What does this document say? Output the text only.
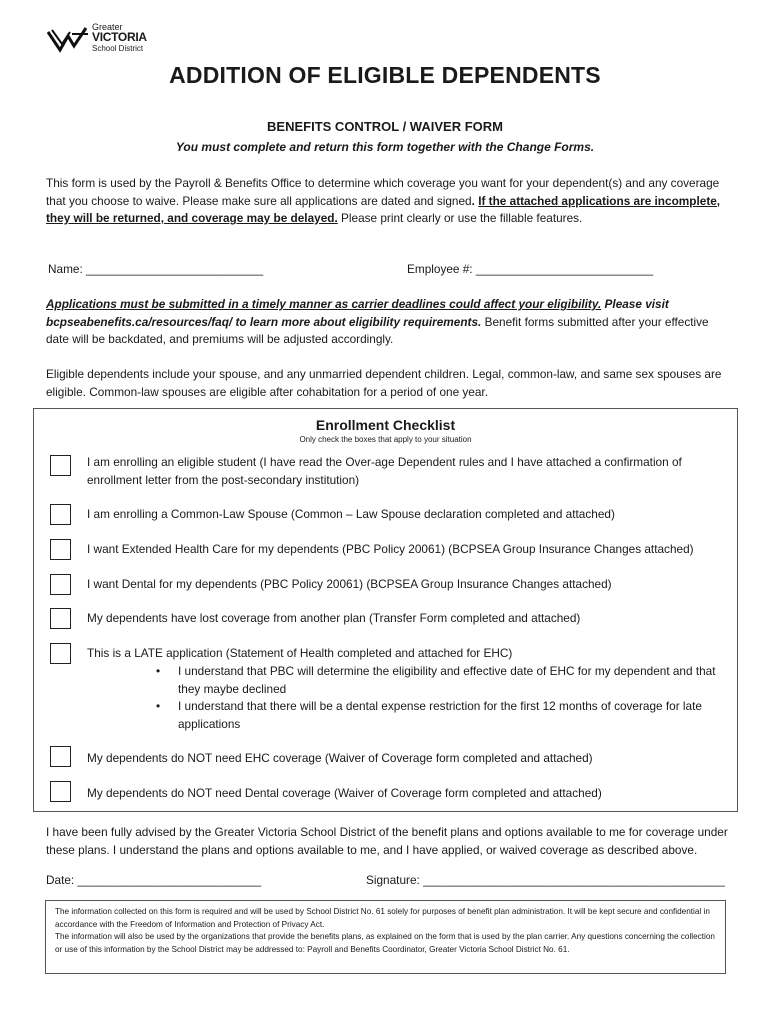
Greater
VICTORIA
School District
ADDITION OF ELIGIBLE DEPENDENTS
BENEFITS CONTROL / WAIVER FORM
You must complete and return this form together with the Change Forms.
This form is used by the Payroll & Benefits Office to determine which coverage you want for your dependent(s) and any coverage that you choose to waive. Please make sure all applications are dated and signed. If the attached applications are incomplete, they will be returned, and coverage may be delayed. Please print clearly or use the fillable features.
Name: ___________________________	Employee #: ___________________________
Applications must be submitted in a timely manner as carrier deadlines could affect your eligibility. Please visit bcpseabenefits.ca/resources/faq/ to learn more about eligibility requirements. Benefit forms submitted after your effective date will be backdated, and premiums will be adjusted accordingly.
Eligible dependents include your spouse, and any unmarried dependent children. Legal, common-law, and same sex spouses are eligible. Common-law spouses are eligible after cohabitation for a period of one year.
Enrollment Checklist
Only check the boxes that apply to your situation
I am enrolling an eligible student (I have read the Over-age Dependent rules and I have attached a confirmation of enrollment letter from the post-secondary institution)
I am enrolling a Common-Law Spouse (Common – Law Spouse declaration completed and attached)
I want Extended Health Care for my dependents (PBC Policy 20061) (BCPSEA Group Insurance Changes attached)
I want Dental for my dependents (PBC Policy 20061) (BCPSEA Group Insurance Changes attached)
My dependents have lost coverage from another plan (Transfer Form completed and attached)
This is a LATE application (Statement of Health completed and attached for EHC)
• I understand that PBC will determine the eligibility and effective date of EHC for my dependent and that they maybe declined
• I understand that there will be a dental expense restriction for the first 12 months of coverage for late applications
My dependents do NOT need EHC coverage (Waiver of Coverage form completed and attached)
My dependents do NOT need Dental coverage (Waiver of Coverage form completed and attached)
I have been fully advised by the Greater Victoria School District of the benefit plans and options available to me for coverage under these plans. I understand the plans and options available to me, and I have applied, or waived coverage as described above.
Date: ____________________________	Signature: ______________________________________________
The information collected on this form is required and will be used by School District No. 61 solely for purposes of benefit plan administration. It will be kept secure and confidential in accordance with the Freedom of Information and Protection of Privacy Act.
The information will also be used by the organizations that provide the benefits plans, as explained on the form that is used by the plan carrier. Any questions concerning the collection or use of this information by the School District may be addressed to: Payroll and Benefits Coordinator, Greater Victoria School District No. 61.
